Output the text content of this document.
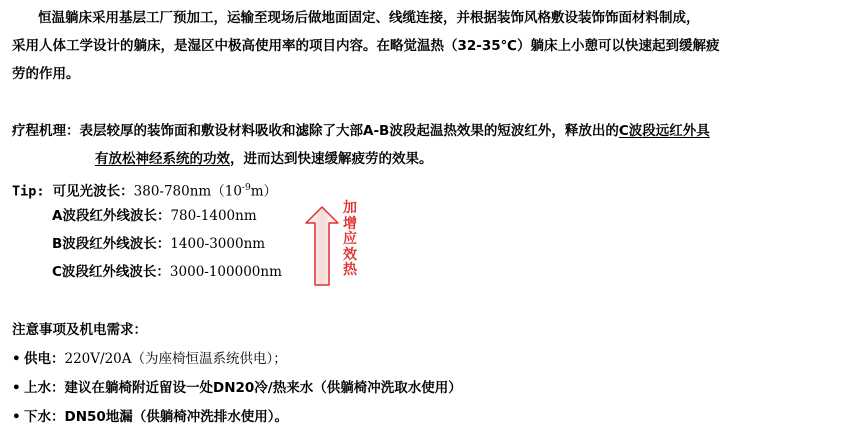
恒温躺床采用基层工厂预加工，运输至现场后做地面固定、线缆连接，并根据装饰风格敷设装饰饰面材料制成，
采用人体工学设计的躺床，是湿区中极高使用率的项目内容。在略觉温热（32-35℃）躺床上小憩可以快速起到缓解疲
劳的作用。
疗程机理：表层较厚的装饰面和敷设材料吸收和滤除了大部A-B波段起温热效果的短波红外，释放出的C波段远红外具
有放松神经系统的功效，进而达到快速缓解疲劳的效果。
Tip: 可见光波长：$380-780nm(10^{-9}m)$
A波段红外线波长：780-1400nm
B波段红外线波长：1400-3000nm
C波段红外线波长：3000-100000nm
加增应效热
注意事项及机电需求：
• 供电：220V/20A（为座椅恒温系统供电）；
• 上水：建议在躺椅附近留设一处DN20冷/热来水（供躺椅冲洗取水使用）
• 下水：DN50地漏（供躺椅冲洗排水使用）。
